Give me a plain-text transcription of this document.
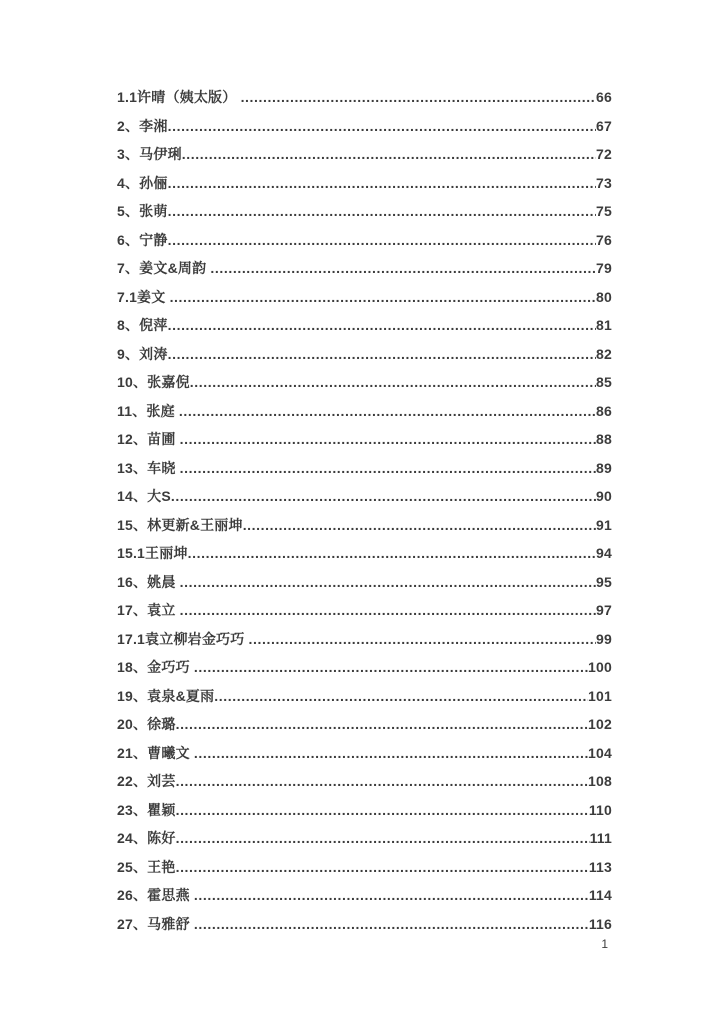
1.1许晴（姨太版） .....	66
2、李湘 .....	67
3、马伊琍 .....	72
4、孙俪 .....	73
5、张萌 .....	75
6、宁静 .....	76
7、姜文&周韵 .....	79
7.1姜文 .....	80
8、倪萍 .....	81
9、刘涛 .....	82
10、张嘉倪 .....	85
11、张庭 .....	86
12、苗圃 .....	88
13、车晓 .....	89
14、大S .....	90
15、林更新&王丽坤 .....	91
15.1王丽坤 .....	94
16、姚晨 .....	95
17、袁立 .....	97
17.1袁立柳岩金巧巧 .....	99
18、金巧巧 .....	100
19、袁泉&夏雨 .....	101
20、徐璐 .....	102
21、曹曦文 .....	104
22、刘芸 .....	108
23、瞿颖 .....	110
24、陈好 .....	111
25、王艳 .....	113
26、霍思燕 .....	114
27、马雅舒 .....	116
1
